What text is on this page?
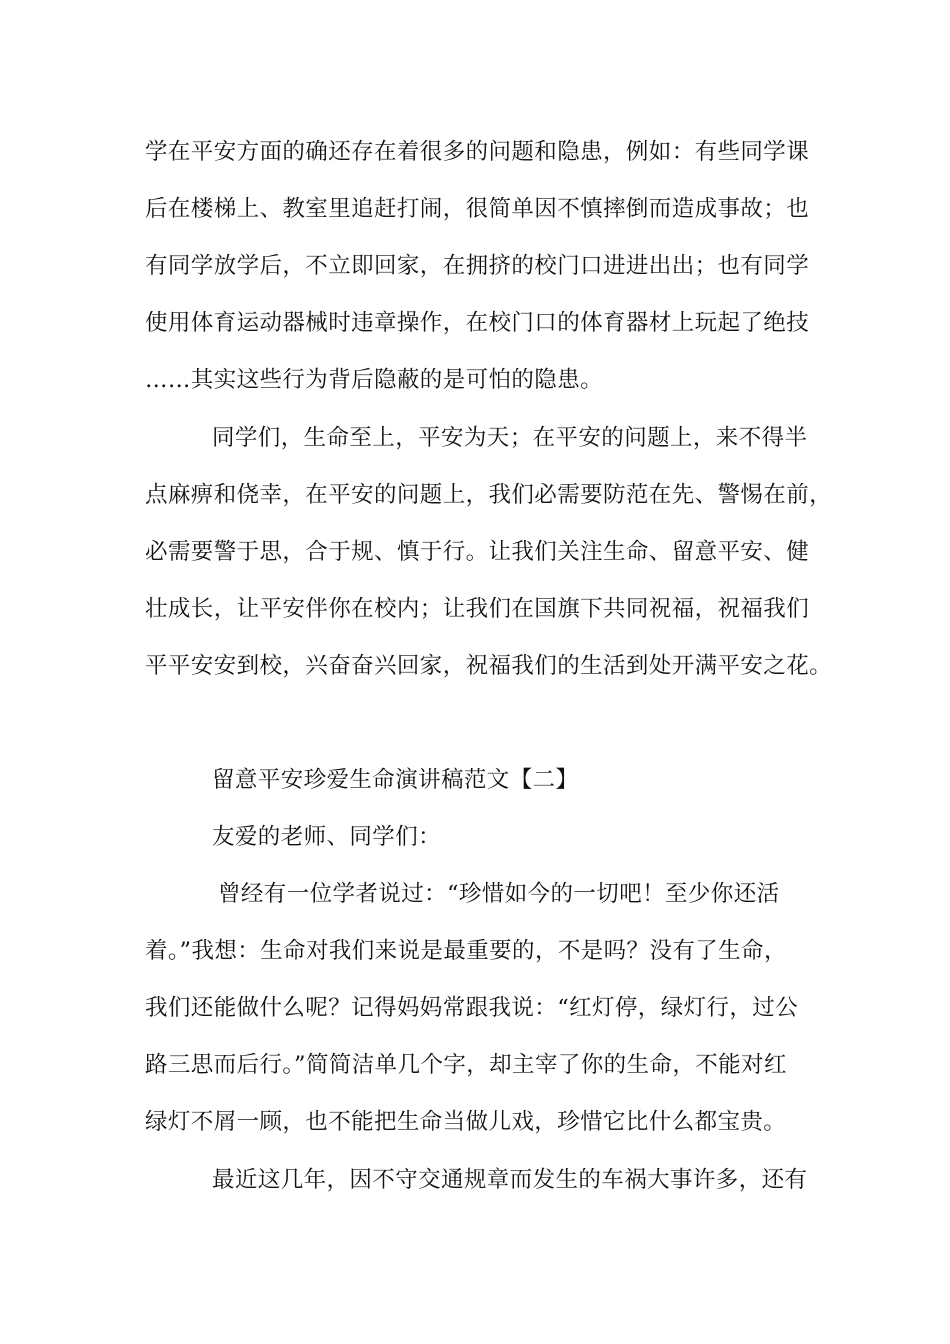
学在平安方面的确还存在着很多的问题和隐患，例如：有些同学课
后在楼梯上、教室里追赶打闹，很简单因不慎摔倒而造成事故；也
有同学放学后，不立即回家，在拥挤的校门口进进出出；也有同学
使用体育运动器械时违章操作，在校门口的体育器材上玩起了绝技
……其实这些行为背后隐蔽的是可怕的隐患。
同学们，生命至上，平安为天；在平安的问题上，来不得半
点麻痹和侥幸，在平安的问题上，我们必需要防范在先、警惕在前，
必需要警于思，合于规、慎于行。让我们关注生命、留意平安、健
壮成长，让平安伴你在校内；让我们在国旗下共同祝福，祝福我们
平平安安到校，兴奋奋兴回家，祝福我们的生活到处开满平安之花。
留意平安珍爱生命演讲稿范文【二】
友爱的老师、同学们：
曾经有一位学者说过：“珍惜如今的一切吧！至少你还活
着。”我想：生命对我们来说是最重要的，不是吗？没有了生命，
我们还能做什么呢？记得妈妈常跟我说：“红灯停，绿灯行，过公
路三思而后行。”简简洁单几个字，却主宰了你的生命，不能对红
绿灯不屑一顾，也不能把生命当做儿戏，珍惜它比什么都宝贵。
最近这几年，因不守交通规章而发生的车祸大事许多，还有
